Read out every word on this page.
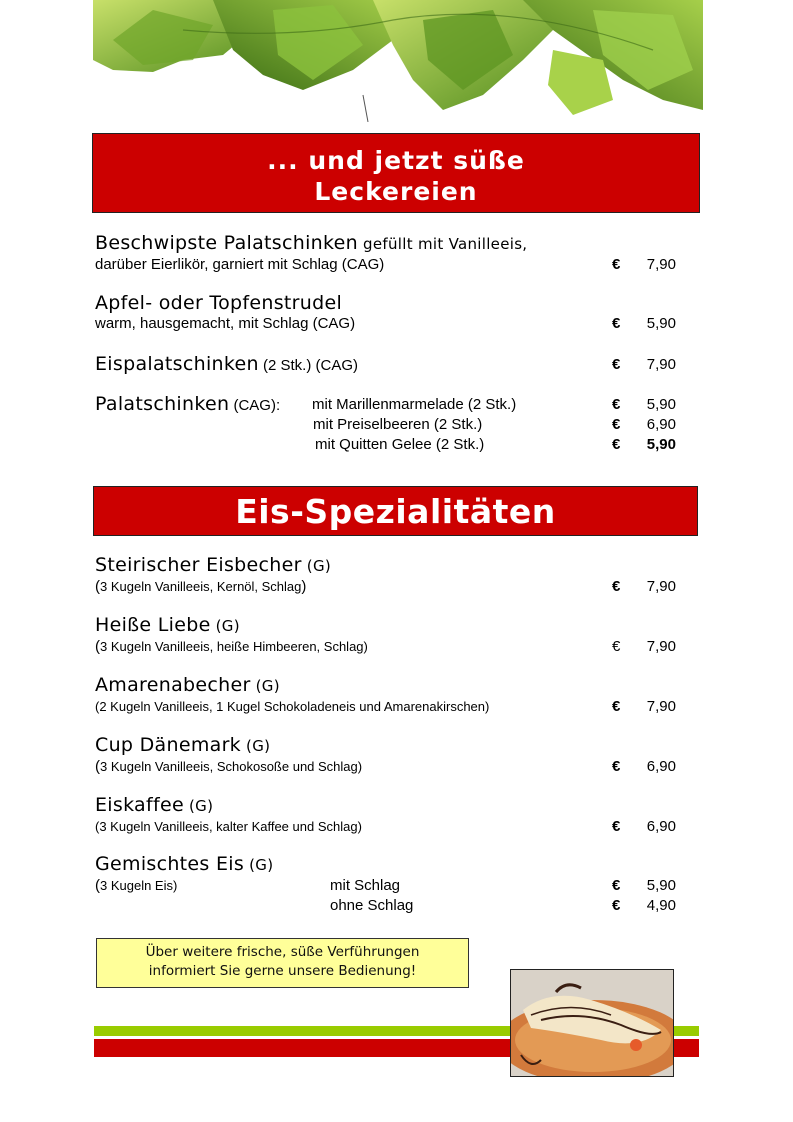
... und jetzt süße
Leckereien
Beschwipste Palatschinken gefüllt mit Vanilleeis,
darüber Eierlikör, garniert mit Schlag (CAG)	€ 7,90
Apfel- oder Topfenstrudel
warm, hausgemacht, mit Schlag (CAG)	€ 5,90
Eispalatschinken (2 Stk.) (CAG)	€ 7,90
Palatschinken (CAG): mit Marillenmarmelade (2 Stk.)	€ 5,90
mit Preiselbeeren (2 Stk.)	€ 6,90
mit Quitten Gelee (2 Stk.)	€ 5,90
Eis-Spezialitäten
Steirischer Eisbecher (G)
(3 Kugeln Vanilleeis, Kernöl, Schlag)	€ 7,90
Heiße Liebe (G)
(3 Kugeln Vanilleeis, heiße Himbeeren, Schlag)	€ 7,90
Amarenabecher (G)
(2 Kugeln Vanilleeis, 1 Kugel Schokoladeneis und Amarenakirschen)	€ 7,90
Cup Dänemark (G)
(3 Kugeln Vanilleeis, Schokosoße und Schlag)	€ 6,90
Eiskaffee (G)
(3 Kugeln Vanilleeis, kalter Kaffee und Schlag)	€ 6,90
Gemischtes Eis (G)
(3 Kugeln Eis)	mit Schlag	€ 5,90
ohne Schlag	€ 4,90
Über weitere frische, süße Verführungen
informiert Sie gerne unsere Bedienung!
